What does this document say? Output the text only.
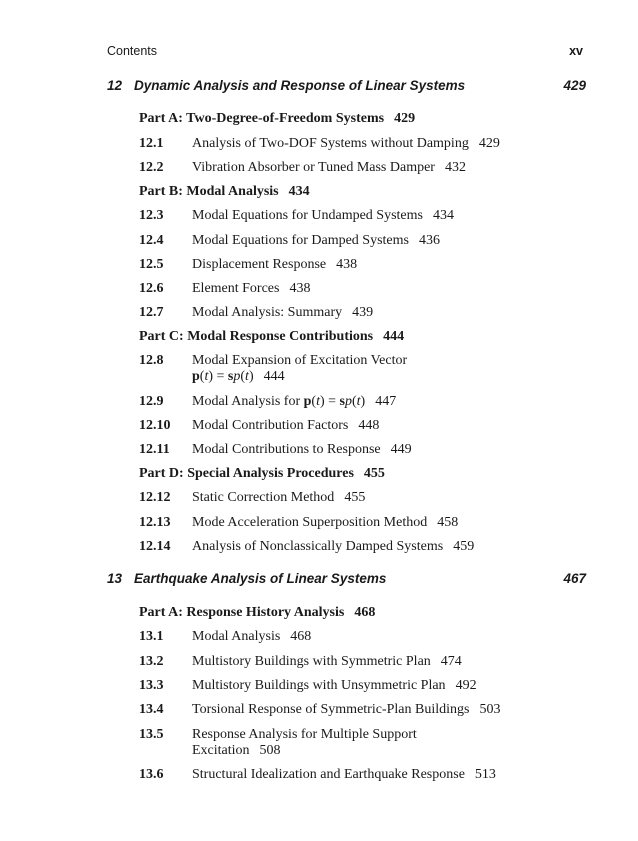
Contents	xv
12 Dynamic Analysis and Response of Linear Systems	429
Part A: Two-Degree-of-Freedom Systems 429
12.1 Analysis of Two-DOF Systems without Damping 429
12.2 Vibration Absorber or Tuned Mass Damper 432
Part B: Modal Analysis 434
12.3 Modal Equations for Undamped Systems 434
12.4 Modal Equations for Damped Systems 436
12.5 Displacement Response 438
12.6 Element Forces 438
12.7 Modal Analysis: Summary 439
Part C: Modal Response Contributions 444
12.8 Modal Expansion of Excitation Vector
p(t) = sp(t) 444
12.9 Modal Analysis for p(t) = sp(t) 447
12.10 Modal Contribution Factors 448
12.11 Modal Contributions to Response 449
Part D: Special Analysis Procedures 455
12.12 Static Correction Method 455
12.13 Mode Acceleration Superposition Method 458
12.14 Analysis of Nonclassically Damped Systems 459
13 Earthquake Analysis of Linear Systems	467
Part A: Response History Analysis 468
13.1 Modal Analysis 468
13.2 Multistory Buildings with Symmetric Plan 474
13.3 Multistory Buildings with Unsymmetric Plan 492
13.4 Torsional Response of Symmetric-Plan Buildings 503
13.5 Response Analysis for Multiple Support
Excitation 508
13.6 Structural Idealization and Earthquake Response 513
